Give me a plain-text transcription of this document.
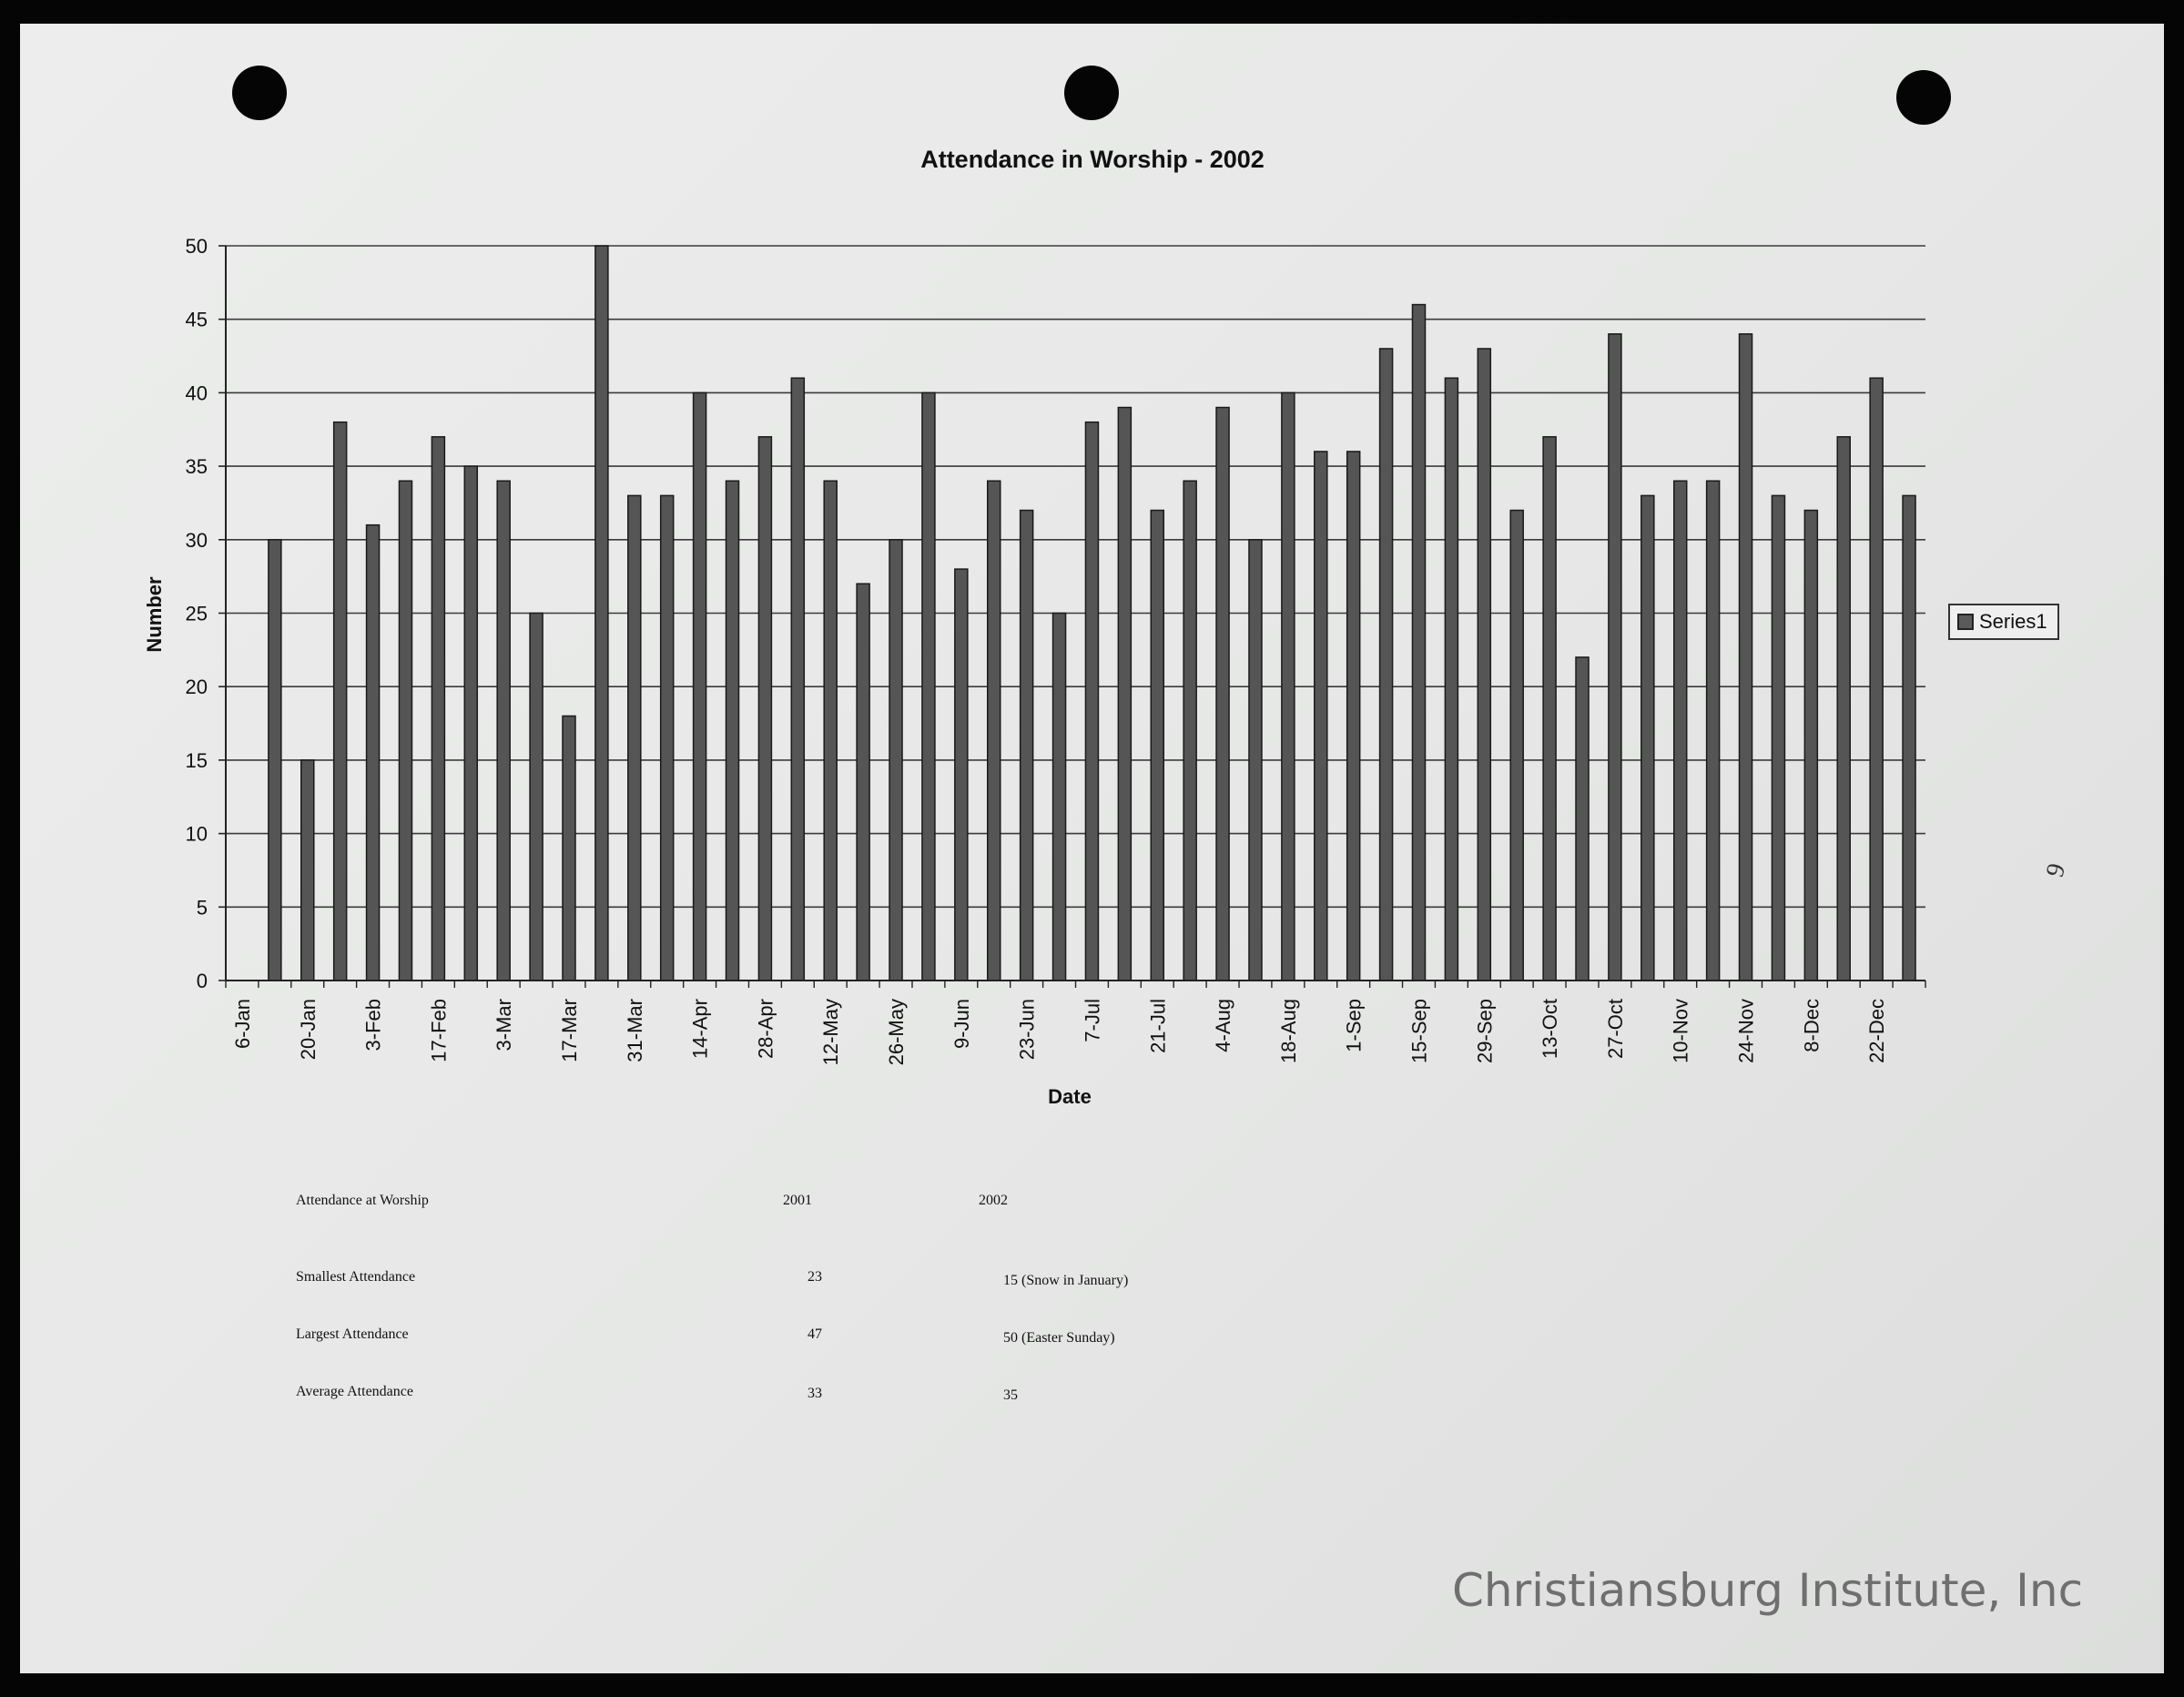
Attendance in Worship - 2002
0
5
10
15
20
25
30
35
40
45
50
6-Jan 20-Jan 3-Feb 17-Feb 3-Mar 17-Mar 31-Mar 14-Apr 28-Apr 12-May 26-May 9-Jun 23-Jun 7-Jul 21-Jul 4-Aug 18-Aug 1-Sep 15-Sep 29-Sep 13-Oct 27-Oct 10-Nov 24-Nov 8-Dec 22-Dec
Number
Date
Series1
Attendance at Worship	2001	2002
Smallest Attendance	23	15 (Snow in January)
Largest Attendance	47	50 (Easter Sunday)
Average Attendance	33	35
9
Christiansburg Institute, Inc
